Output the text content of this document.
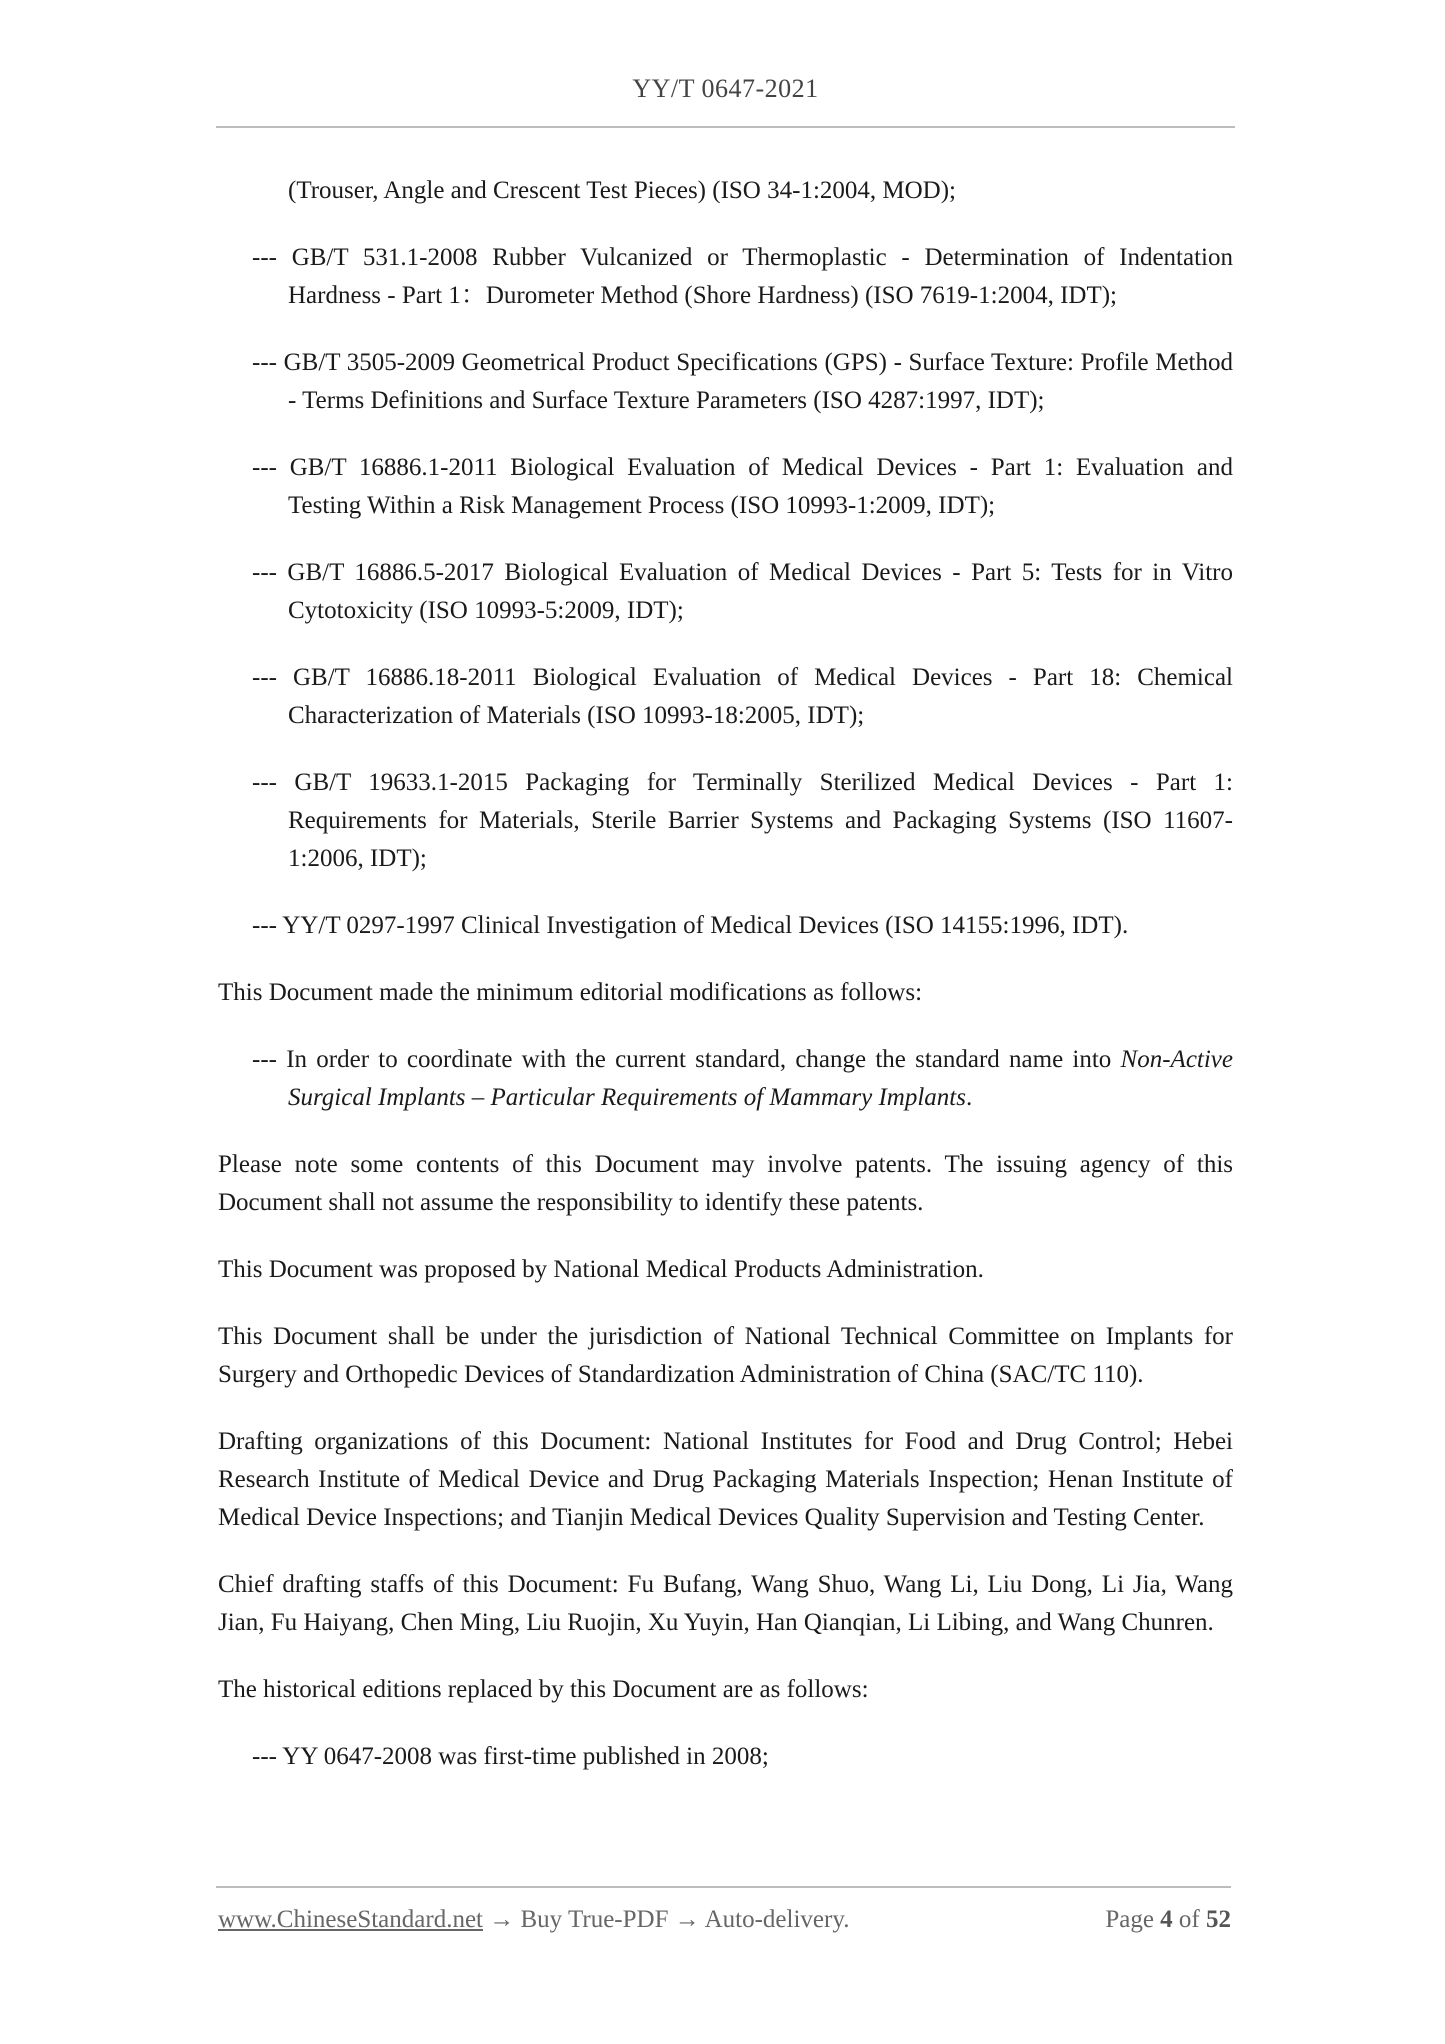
YY/T 0647-2021

(Trouser, Angle and Crescent Test Pieces) (ISO 34-1:2004, MOD);

--- GB/T 531.1-2008 Rubber Vulcanized or Thermoplastic - Determination of Indentation Hardness - Part 1：Durometer Method (Shore Hardness) (ISO 7619-1:2004, IDT);

--- GB/T 3505-2009 Geometrical Product Specifications (GPS) - Surface Texture: Profile Method - Terms Definitions and Surface Texture Parameters (ISO 4287:1997, IDT);

--- GB/T 16886.1-2011 Biological Evaluation of Medical Devices - Part 1: Evaluation and Testing Within a Risk Management Process (ISO 10993-1:2009, IDT);

--- GB/T 16886.5-2017 Biological Evaluation of Medical Devices - Part 5: Tests for in Vitro Cytotoxicity (ISO 10993-5:2009, IDT);

--- GB/T 16886.18-2011 Biological Evaluation of Medical Devices - Part 18: Chemical Characterization of Materials (ISO 10993-18:2005, IDT);

--- GB/T 19633.1-2015 Packaging for Terminally Sterilized Medical Devices - Part 1: Requirements for Materials, Sterile Barrier Systems and Packaging Systems (ISO 11607-1:2006, IDT);

--- YY/T 0297-1997 Clinical Investigation of Medical Devices (ISO 14155:1996, IDT).

This Document made the minimum editorial modifications as follows:

--- In order to coordinate with the current standard, change the standard name into Non-Active Surgical Implants – Particular Requirements of Mammary Implants.

Please note some contents of this Document may involve patents. The issuing agency of this Document shall not assume the responsibility to identify these patents.

This Document was proposed by National Medical Products Administration.

This Document shall be under the jurisdiction of National Technical Committee on Implants for Surgery and Orthopedic Devices of Standardization Administration of China (SAC/TC 110).

Drafting organizations of this Document: National Institutes for Food and Drug Control; Hebei Research Institute of Medical Device and Drug Packaging Materials Inspection; Henan Institute of Medical Device Inspections; and Tianjin Medical Devices Quality Supervision and Testing Center.

Chief drafting staffs of this Document: Fu Bufang, Wang Shuo, Wang Li, Liu Dong, Li Jia, Wang Jian, Fu Haiyang, Chen Ming, Liu Ruojin, Xu Yuyin, Han Qianqian, Li Libing, and Wang Chunren.

The historical editions replaced by this Document are as follows:

--- YY 0647-2008 was first-time published in 2008;

www.ChineseStandard.net → Buy True-PDF → Auto-delivery.	Page 4 of 52
